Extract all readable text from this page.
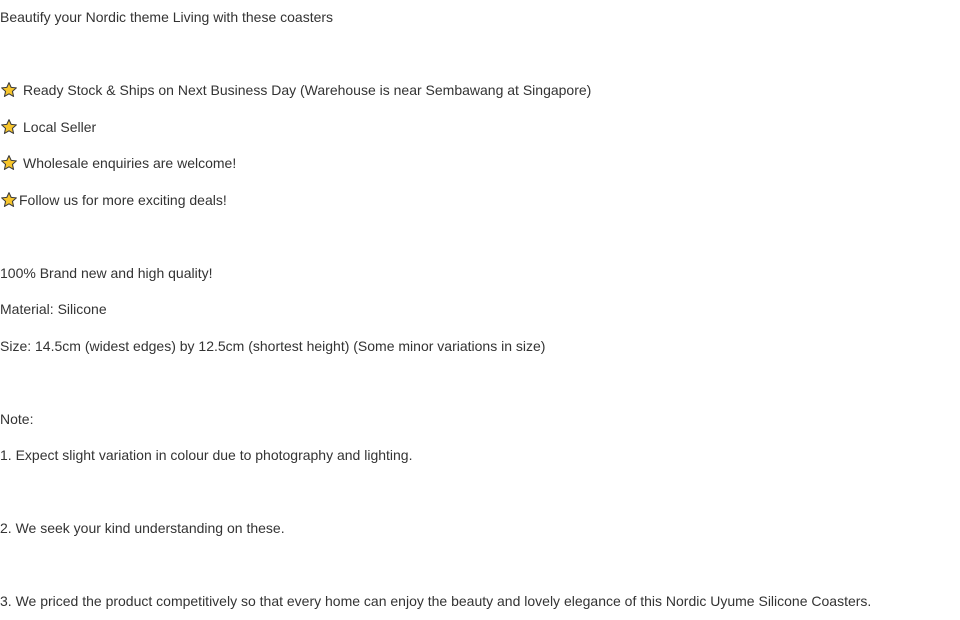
Beautify your Nordic theme Living with these coasters
Ready Stock & Ships on Next Business Day (Warehouse is near Sembawang at Singapore)
Local Seller
Wholesale enquiries are welcome!
Follow us for more exciting deals!
100% Brand new and high quality!
Material: Silicone
Size: 14.5cm (widest edges) by 12.5cm (shortest height) (Some minor variations in size)
Note:
1. Expect slight variation in colour due to photography and lighting.
2. We seek your kind understanding on these.
3. We priced the product competitively so that every home can enjoy the beauty and lovely elegance of this Nordic Uyume Silicone Coasters.
